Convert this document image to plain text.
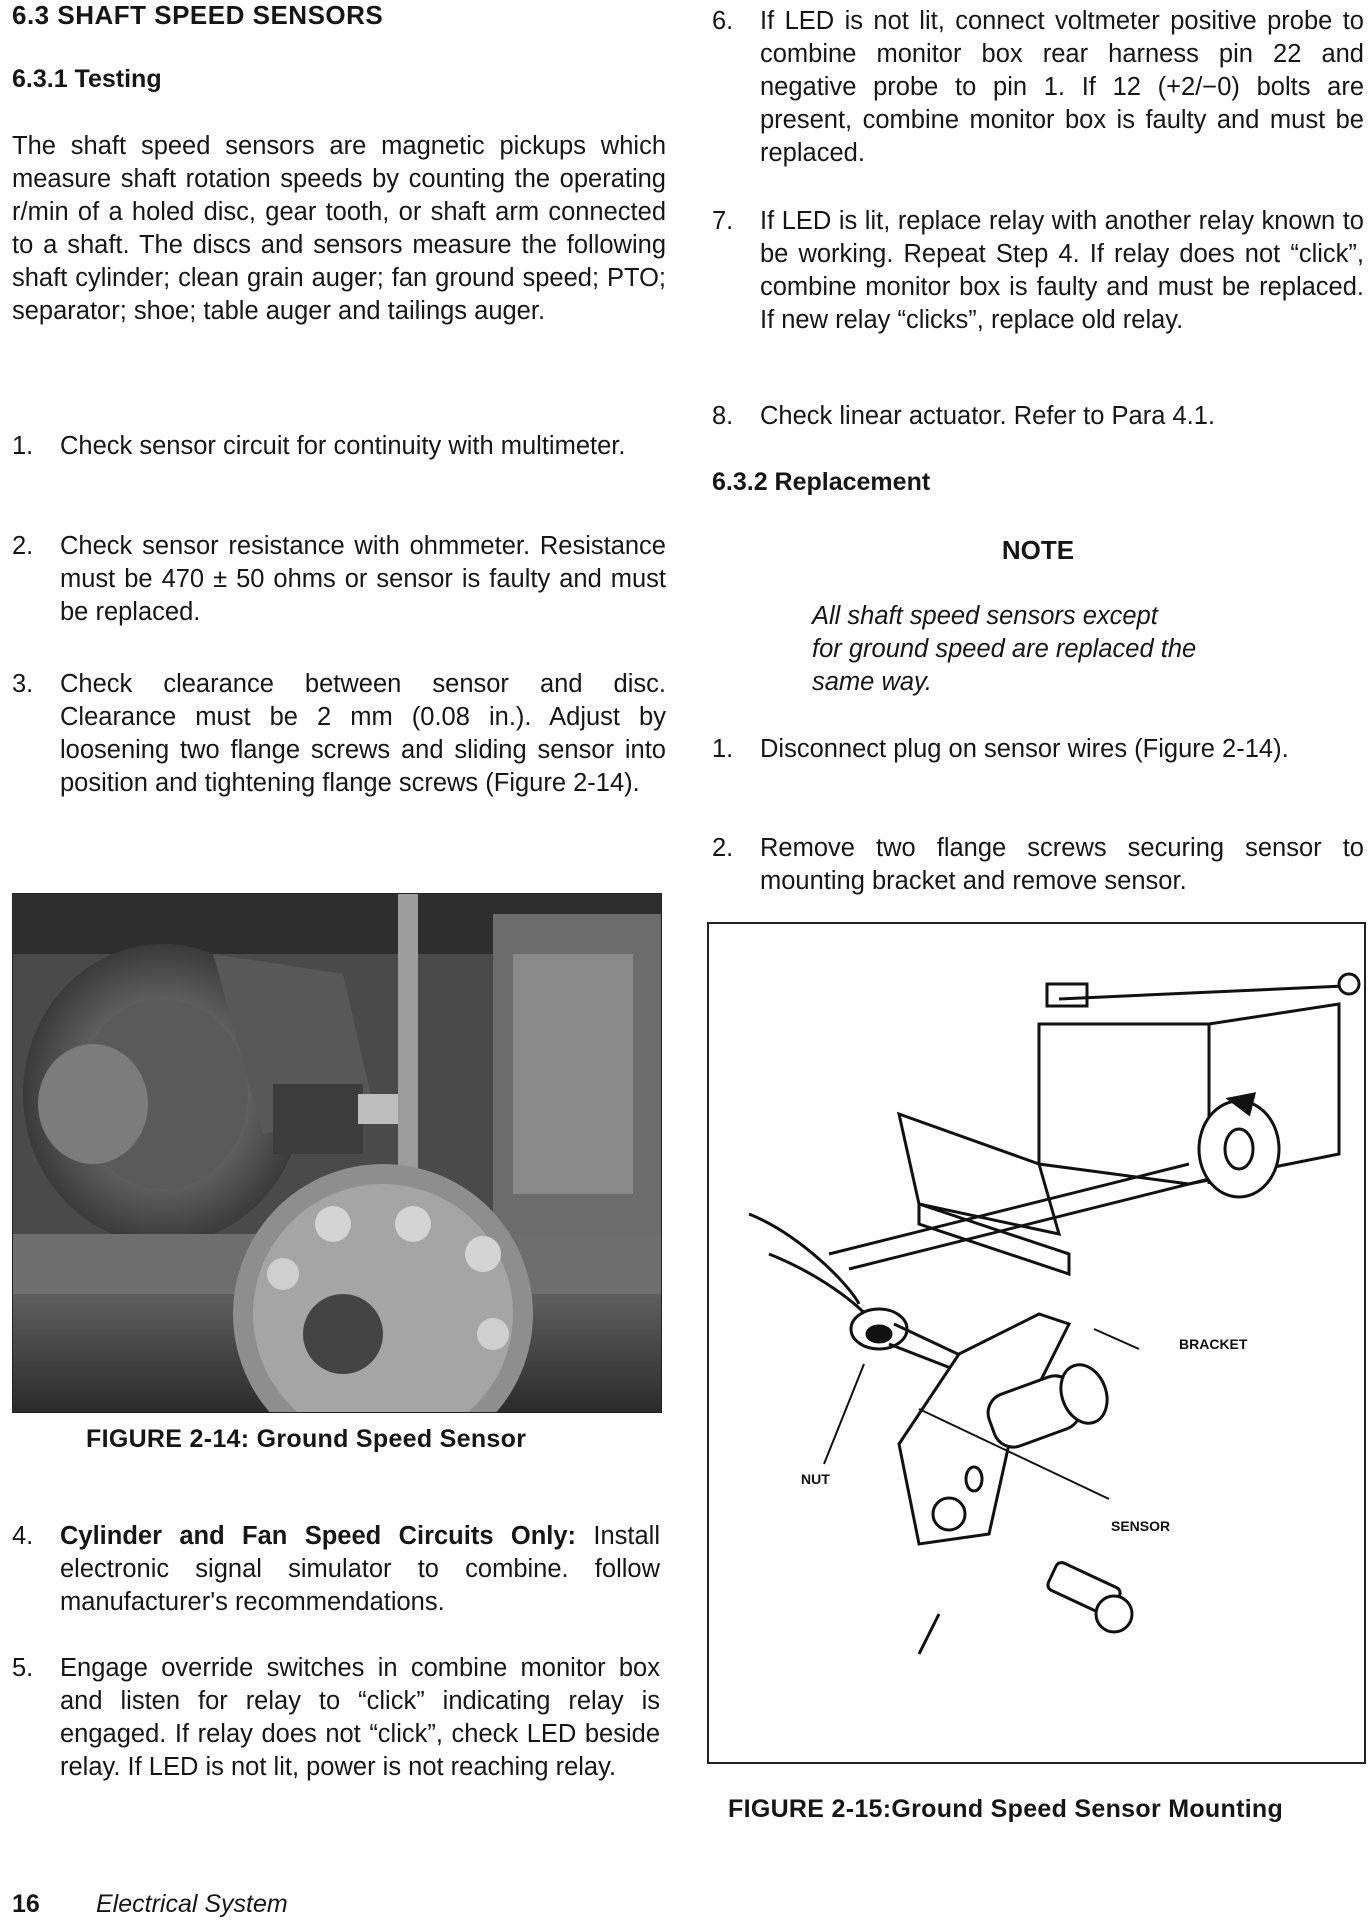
6.3 SHAFT SPEED SENSORS
6.3.1 Testing
The shaft speed sensors are magnetic pickups which measure shaft rotation speeds by counting the operating r/min of a holed disc, gear tooth, or shaft arm connected to a shaft. The discs and sensors measure the following shaft cylinder; clean grain auger; fan ground speed; PTO; separator; shoe; table auger and tailings auger.
1. Check sensor circuit for continuity with multimeter.
2. Check sensor resistance with ohmmeter. Resistance must be 470 ± 50 ohms or sensor is faulty and must be replaced.
3. Check clearance between sensor and disc. Clearance must be 2 mm (0.08 in.). Adjust by loosening two flange screws and sliding sensor into position and tightening flange screws (Figure 2-14).
FIGURE 2-14: Ground Speed Sensor
4. Cylinder and Fan Speed Circuits Only: Install electronic signal simulator to combine. follow manufacturer's recommendations.
5. Engage override switches in combine monitor box and listen for relay to “click” indicating relay is engaged. If relay does not “click”, check LED beside relay. If LED is not lit, power is not reaching relay.
6. If LED is not lit, connect voltmeter positive probe to combine monitor box rear harness pin 22 and negative probe to pin 1. If 12 (+2/−0) bolts are present, combine monitor box is faulty and must be replaced.
7. If LED is lit, replace relay with another relay known to be working. Repeat Step 4. If relay does not “click”, combine monitor box is faulty and must be replaced. If new relay “clicks”, replace old relay.
8. Check linear actuator. Refer to Para 4.1.
6.3.2 Replacement
NOTE
All shaft speed sensors except
for ground speed are replaced the
same way.
1. Disconnect plug on sensor wires (Figure 2-14).
2. Remove two flange screws securing sensor to mounting bracket and remove sensor.
BRACKET
NUT
SENSOR
FIGURE 2-15:Ground Speed Sensor Mounting
16 Electrical System
